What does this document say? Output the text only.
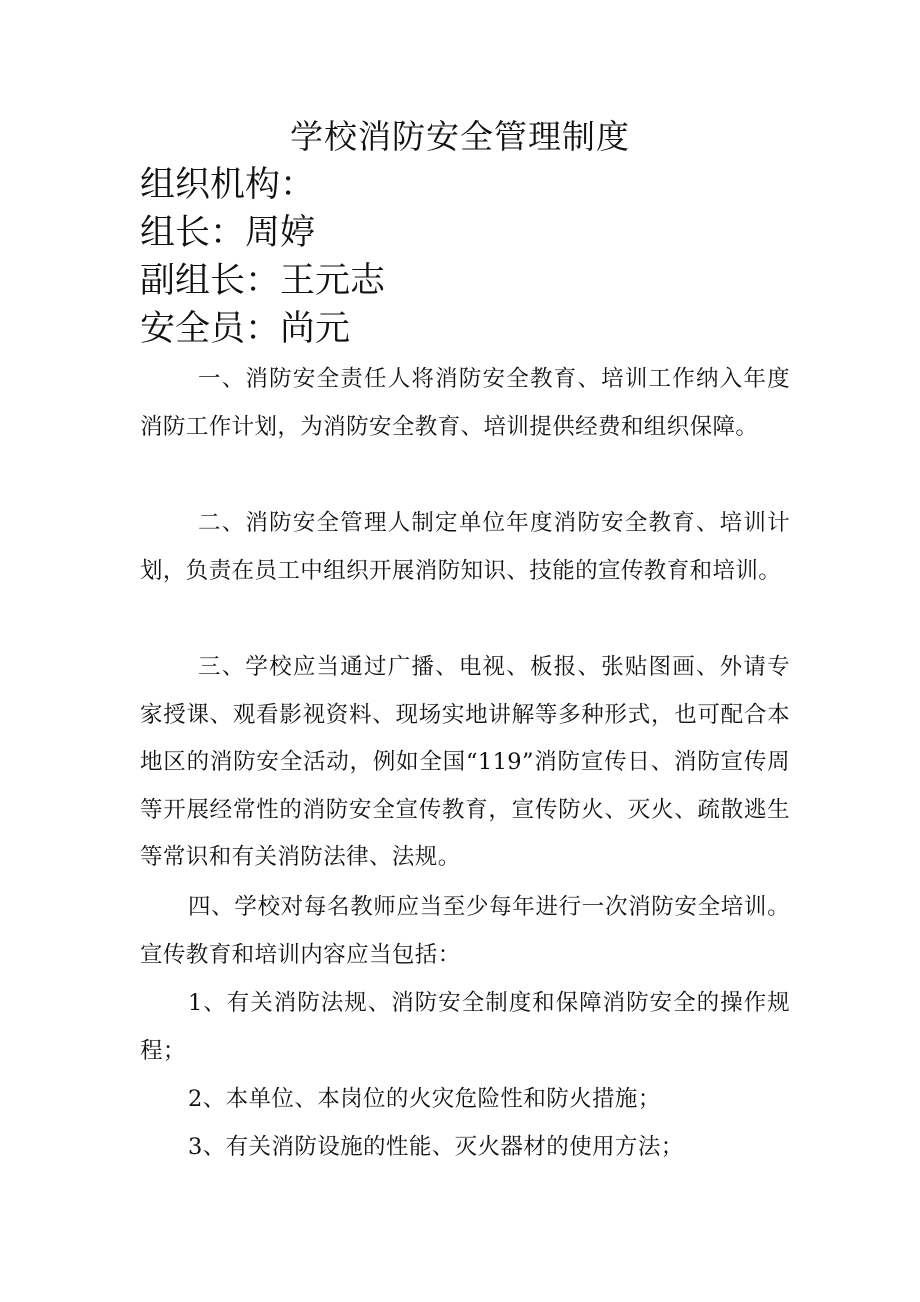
学校消防安全管理制度

组织机构：

组长：周婷

副组长：王元志

安全员：尚元

一、消防安全责任人将消防安全教育、培训工作纳入年度消防工作计划，为消防安全教育、培训提供经费和组织保障。

二、消防安全管理人制定单位年度消防安全教育、培训计划，负责在员工中组织开展消防知识、技能的宣传教育和培训。

三、学校应当通过广播、电视、板报、张贴图画、外请专家授课、观看影视资料、现场实地讲解等多种形式，也可配合本地区的消防安全活动，例如全国“119”消防宣传日、消防宣传周等开展经常性的消防安全宣传教育，宣传防火、灭火、疏散逃生等常识和有关消防法律、法规。

四、学校对每名教师应当至少每年进行一次消防安全培训。宣传教育和培训内容应当包括：

1、有关消防法规、消防安全制度和保障消防安全的操作规程；

2、本单位、本岗位的火灾危险性和防火措施；

3、有关消防设施的性能、灭火器材的使用方法；
